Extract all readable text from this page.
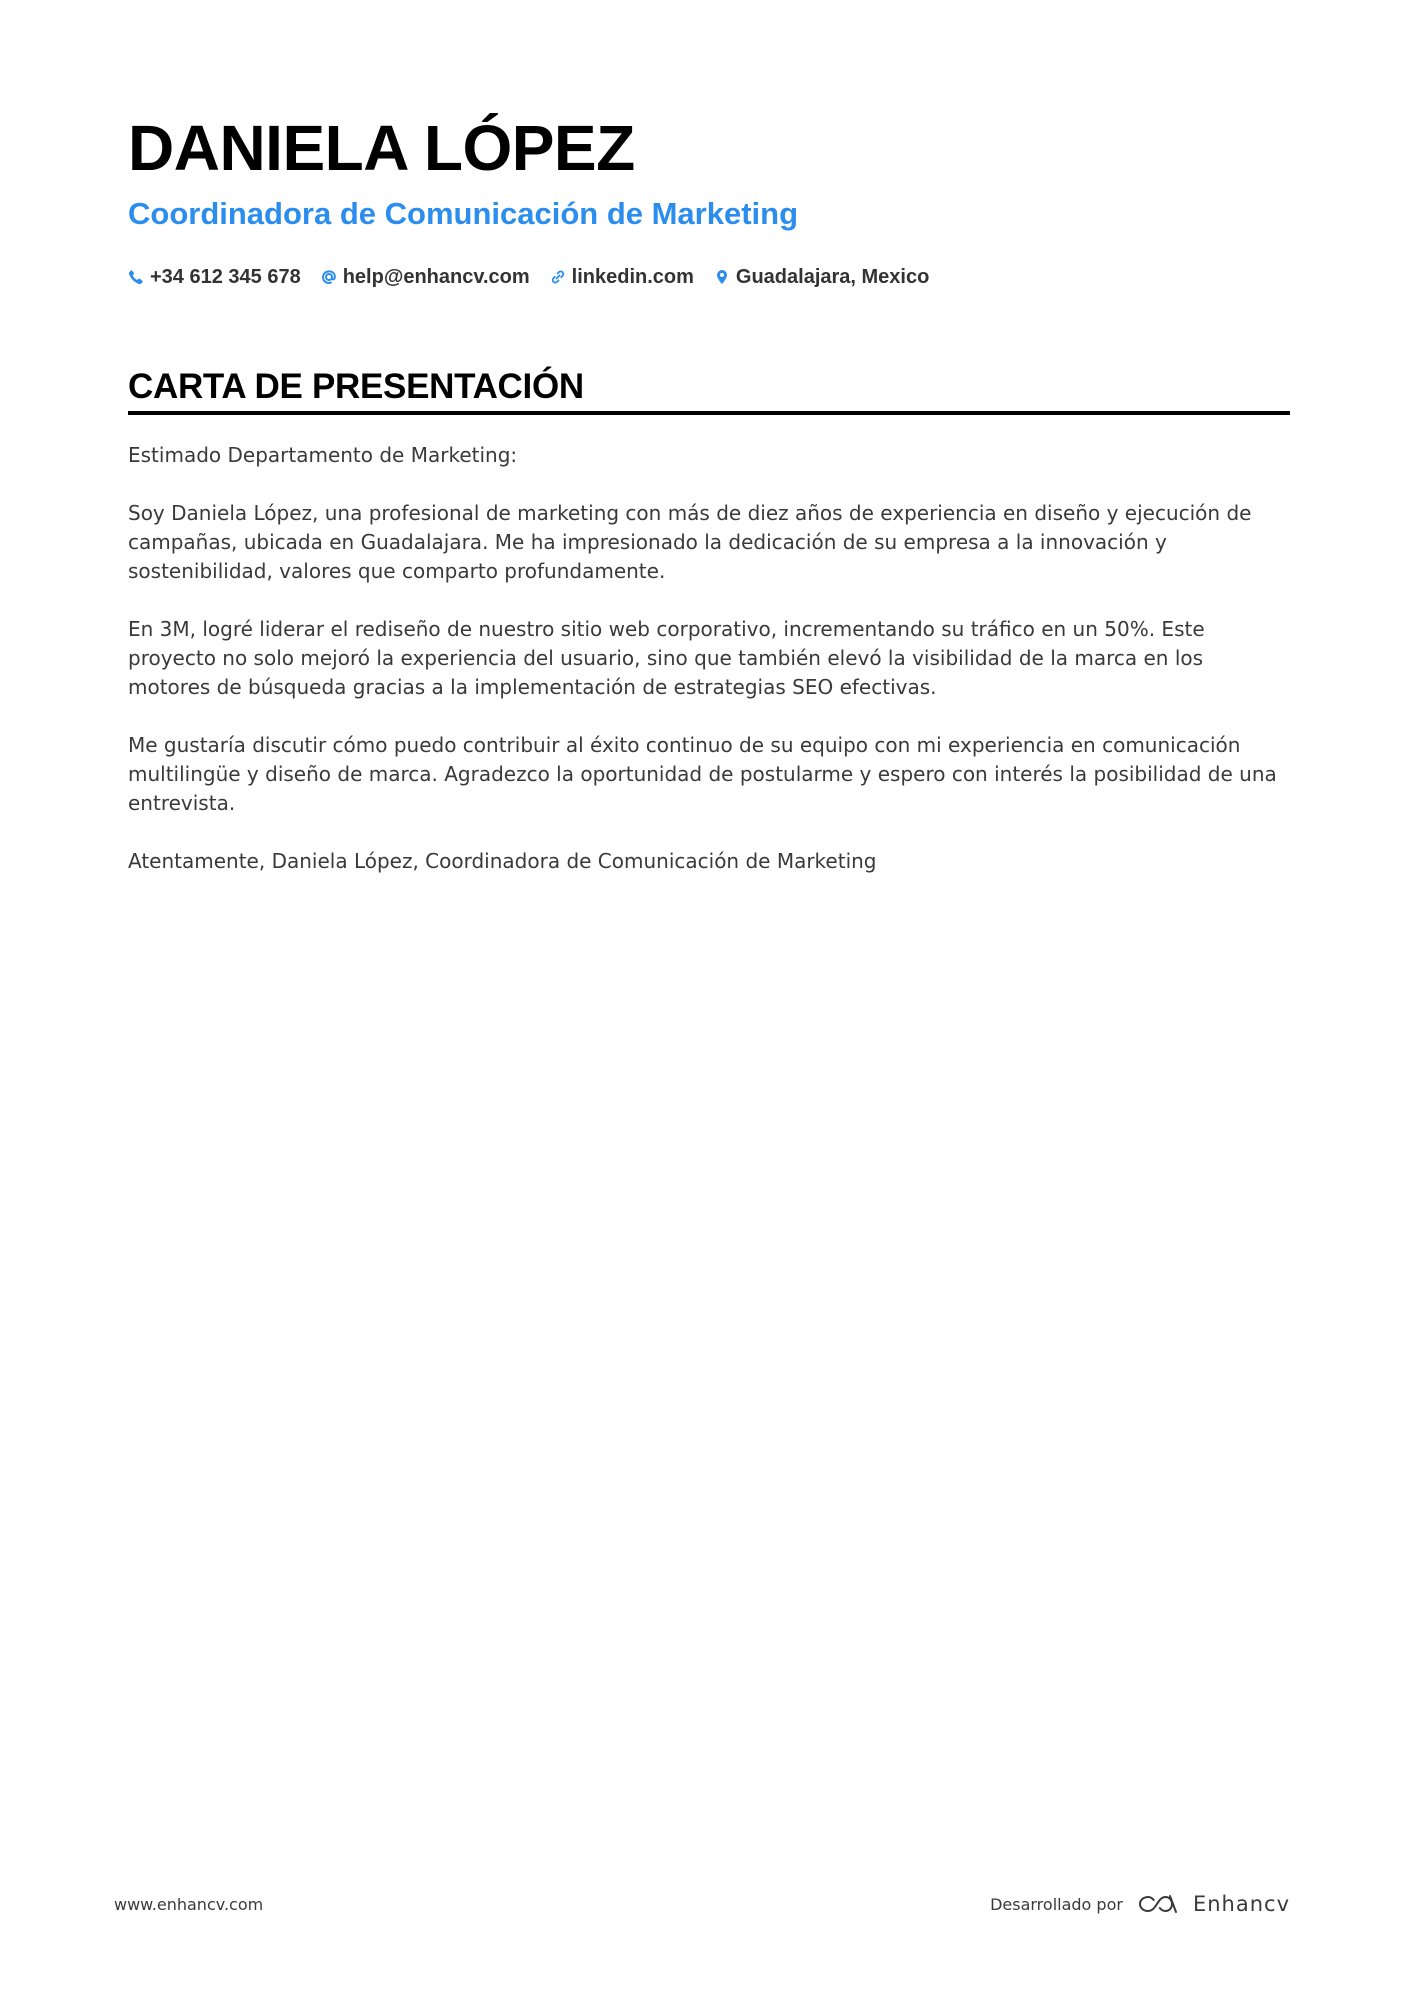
DANIELA LÓPEZ
Coordinadora de Comunicación de Marketing
+34 612 345 678 help@enhancv.com linkedin.com Guadalajara, Mexico
CARTA DE PRESENTACIÓN

Estimado Departamento de Marketing:

Soy Daniela López, una profesional de marketing con más de diez años de experiencia en diseño y ejecución de campañas, ubicada en Guadalajara. Me ha impresionado la dedicación de su empresa a la innovación y sostenibilidad, valores que comparto profundamente.

En 3M, logré liderar el rediseño de nuestro sitio web corporativo, incrementando su tráfico en un 50%. Este proyecto no solo mejoró la experiencia del usuario, sino que también elevó la visibilidad de la marca en los motores de búsqueda gracias a la implementación de estrategias SEO efectivas.

Me gustaría discutir cómo puedo contribuir al éxito continuo de su equipo con mi experiencia en comunicación multilingüe y diseño de marca. Agradezco la oportunidad de postularme y espero con interés la posibilidad de una entrevista.

Atentamente, Daniela López, Coordinadora de Comunicación de Marketing

www.enhancv.com	Desarrollado por	Enhancv
